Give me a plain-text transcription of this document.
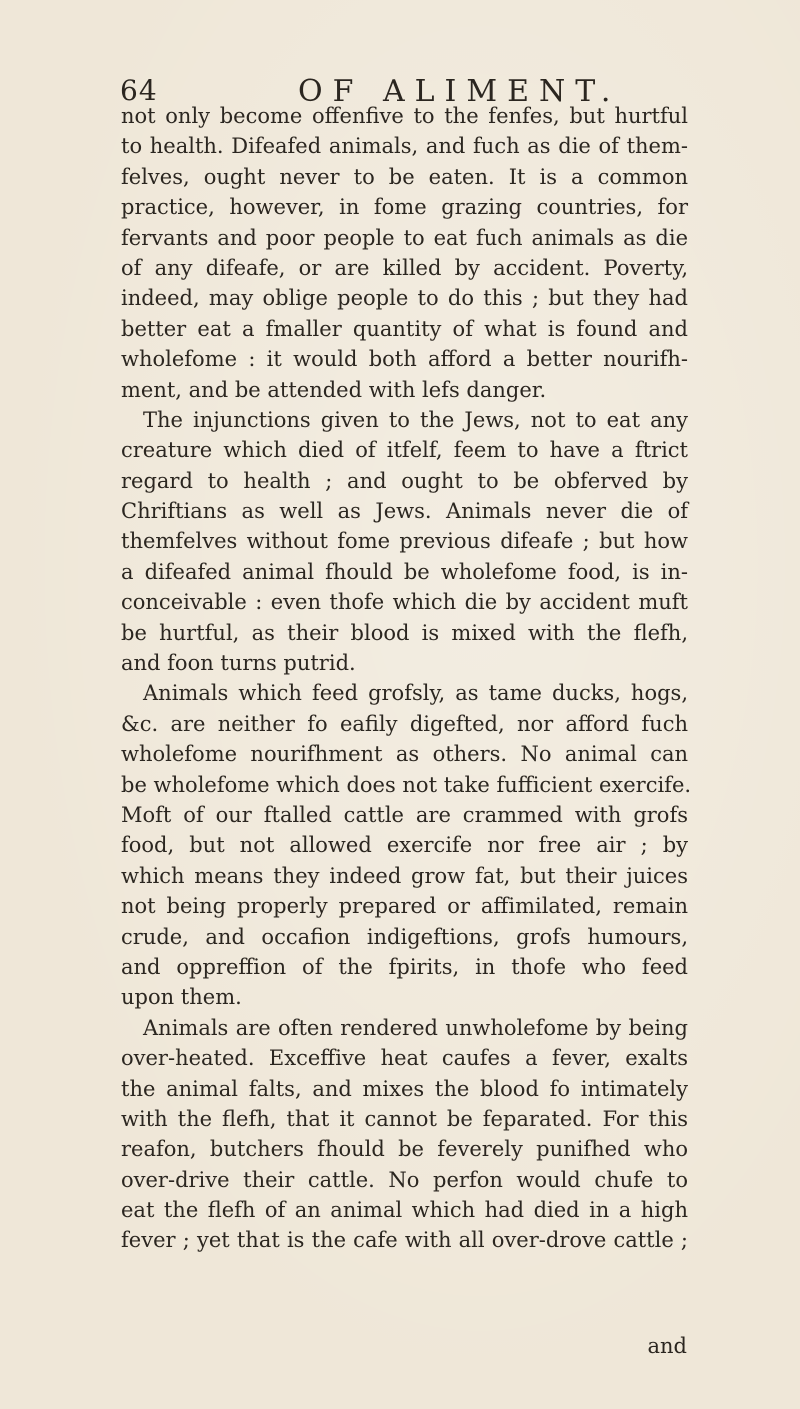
64	OF ALIMENT.
not only become offenfive to the fenfes, but hurtful
to health. Difeafed animals, and fuch as die of them-
felves, ought never to be eaten. It is a common
practice, however, in fome grazing countries, for
fervants and poor people to eat fuch animals as die
of any difeafe, or are killed by accident. Poverty,
indeed, may oblige people to do this ; but they had
better eat a fmaller quantity of what is found and
wholefome : it would both afford a better nourifh-
ment, and be attended with lefs danger.
The injunctions given to the Jews, not to eat any
creature which died of itfelf, feem to have a ftrict
regard to health ; and ought to be obferved by
Chriftians as well as Jews. Animals never die of
themfelves without fome previous difeafe ; but how
a difeafed animal fhould be wholefome food, is in-
conceivable : even thofe which die by accident muft
be hurtful, as their blood is mixed with the flefh,
and foon turns putrid.
Animals which feed grofsly, as tame ducks, hogs,
&c. are neither fo eafily digefted, nor afford fuch
wholefome nourifhment as others. No animal can
be wholefome which does not take fufficient exercife.
Moft of our ftalled cattle are crammed with grofs
food, but not allowed exercife nor free air ; by
which means they indeed grow fat, but their juices
not being properly prepared or affimilated, remain
crude, and occafion indigeftions, grofs humours,
and oppreffion of the fpirits, in thofe who feed
upon them.
Animals are often rendered unwholefome by being
over-heated. Exceffive heat caufes a fever, exalts
the animal falts, and mixes the blood fo intimately
with the flefh, that it cannot be feparated. For this
reafon, butchers fhould be feverely punifhed who
over-drive their cattle. No perfon would chufe to
eat the flefh of an animal which had died in a high
fever ; yet that is the cafe with all over-drove cattle ;
and
